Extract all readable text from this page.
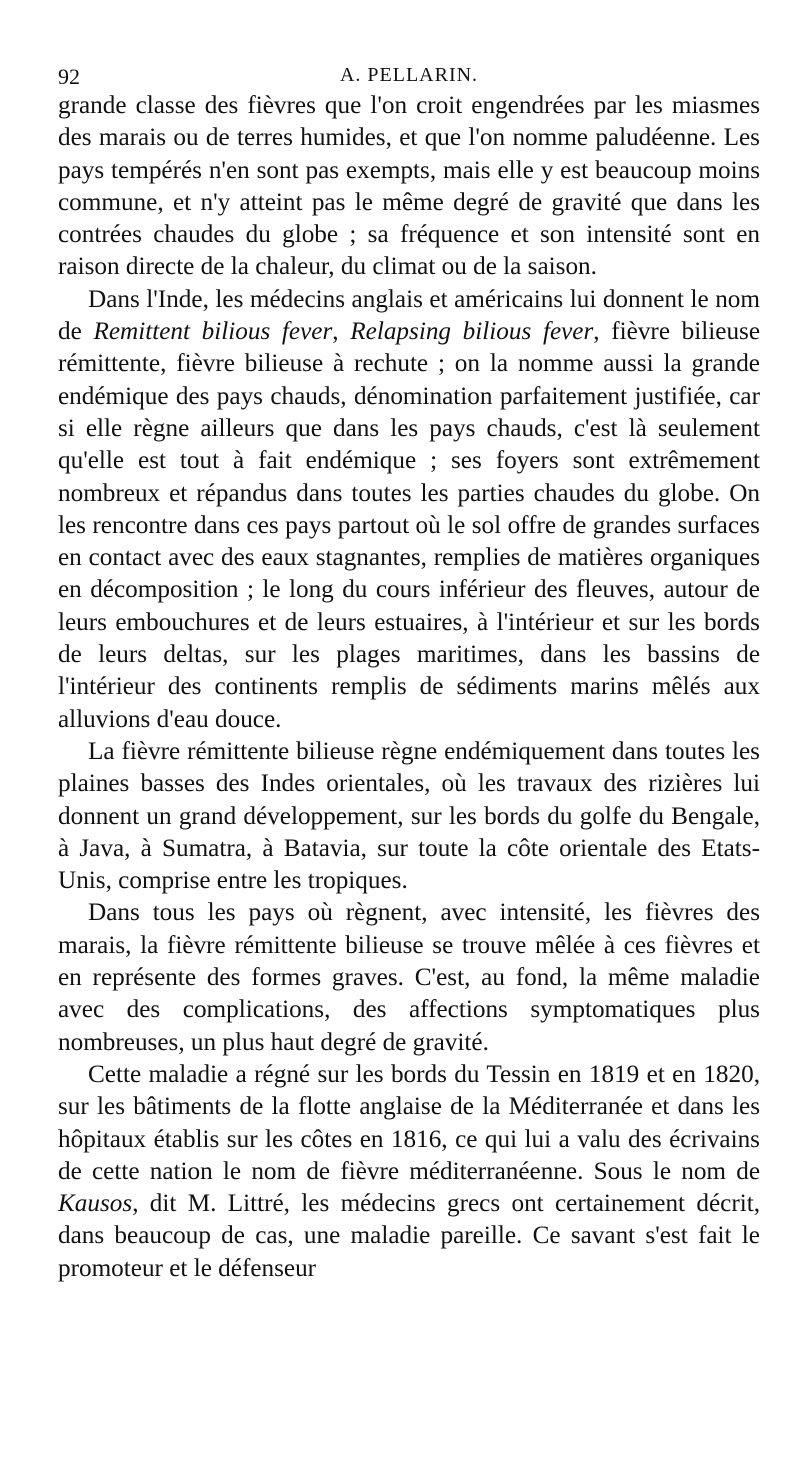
92	A. PELLARIN.

grande classe des fièvres que l'on croit engendrées par les miasmes des marais ou de terres humides, et que l'on nomme paludéenne. Les pays tempérés n'en sont pas exempts, mais elle y est beaucoup moins commune, et n'y atteint pas le même degré de gravité que dans les contrées chaudes du globe ; sa fréquence et son intensité sont en raison directe de la chaleur, du climat ou de la saison.

Dans l'Inde, les médecins anglais et américains lui donnent le nom de Remittent bilious fever, Relapsing bilious fever, fièvre bilieuse rémittente, fièvre bilieuse à rechute ; on la nomme aussi la grande endémique des pays chauds, dénomination parfaitement justifiée, car si elle règne ailleurs que dans les pays chauds, c'est là seulement qu'elle est tout à fait endémique ; ses foyers sont extrêmement nombreux et répandus dans toutes les parties chaudes du globe. On les rencontre dans ces pays partout où le sol offre de grandes surfaces en contact avec des eaux stagnantes, remplies de matières organiques en décomposition ; le long du cours inférieur des fleuves, autour de leurs embouchures et de leurs estuaires, à l'intérieur et sur les bords de leurs deltas, sur les plages maritimes, dans les bassins de l'intérieur des continents remplis de sédiments marins mêlés aux alluvions d'eau douce.

La fièvre rémittente bilieuse règne endémiquement dans toutes les plaines basses des Indes orientales, où les travaux des rizières lui donnent un grand développement, sur les bords du golfe du Bengale, à Java, à Sumatra, à Batavia, sur toute la côte orientale des Etats-Unis, comprise entre les tropiques.

Dans tous les pays où règnent, avec intensité, les fièvres des marais, la fièvre rémittente bilieuse se trouve mêlée à ces fièvres et en représente des formes graves. C'est, au fond, la même maladie avec des complications, des affections symptomatiques plus nombreuses, un plus haut degré de gravité.

Cette maladie a régné sur les bords du Tessin en 1819 et en 1820, sur les bâtiments de la flotte anglaise de la Méditerranée et dans les hôpitaux établis sur les côtes en 1816, ce qui lui a valu des écrivains de cette nation le nom de fièvre méditerranéenne. Sous le nom de Kausos, dit M. Littré, les médecins grecs ont certainement décrit, dans beaucoup de cas, une maladie pareille. Ce savant s'est fait le promoteur et le défenseur
